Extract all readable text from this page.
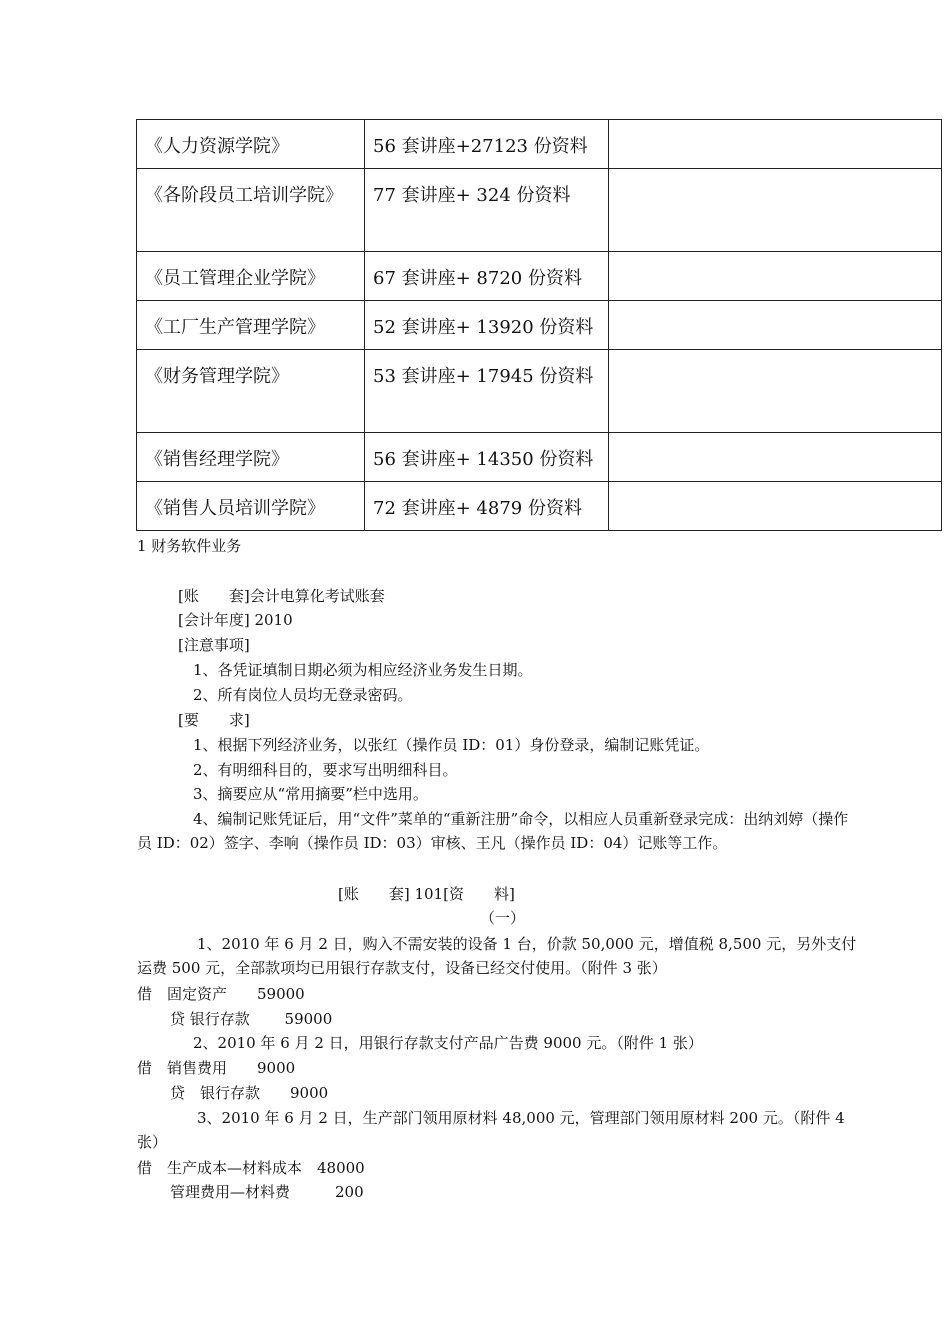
《人力资源学院》	56 套讲座+27123 份资料	
《各阶段员工培训学院》	77 套讲座+ 324 份资料	
《员工管理企业学院》	67 套讲座+ 8720 份资料	
《工厂生产管理学院》	52 套讲座+ 13920 份资料	
《财务管理学院》	53 套讲座+ 17945 份资料	
《销售经理学院》	56 套讲座+ 14350 份资料	
《销售人员培训学院》	72 套讲座+ 4879 份资料	
1 财务软件业务
[账　　套]会计电算化考试账套
[会计年度] 2010
[注意事项]
1、各凭证填制日期必须为相应经济业务发生日期。
2、所有岗位人员均无登录密码。
[要　　求]
1、根据下列经济业务，以张红（操作员 ID：01）身份登录，编制记账凭证。
2、有明细科目的，要求写出明细科目。
3、摘要应从“常用摘要”栏中选用。
4、编制记账凭证后，用“文件”菜单的“重新注册”命令，以相应人员重新登录完成：出纳刘婷（操作员 ID：02）签字、李响（操作员 ID：03）审核、王凡（操作员 ID：04）记账等工作。
[账　　套] 101[资　　料]
（一）
1、2010 年 6 月 2 日，购入不需安装的设备 1 台，价款 50,000 元，增值税 8,500 元，另外支付运费 500 元，全部款项均已用银行存款支付，设备已经交付使用。（附件 3 张）
借　固定资产　　59000
贷 银行存款　　 59000
2、2010 年 6 月 2 日，用银行存款支付产品广告费 9000 元。（附件 1 张）
借　销售费用　　9000
贷　银行存款　　9000
3、2010 年 6 月 2 日，生产部门领用原材料 48,000 元，管理部门领用原材料 200 元。（附件 4 张）
借　生产成本—材料成本　48000
管理费用—材料费　　　200
